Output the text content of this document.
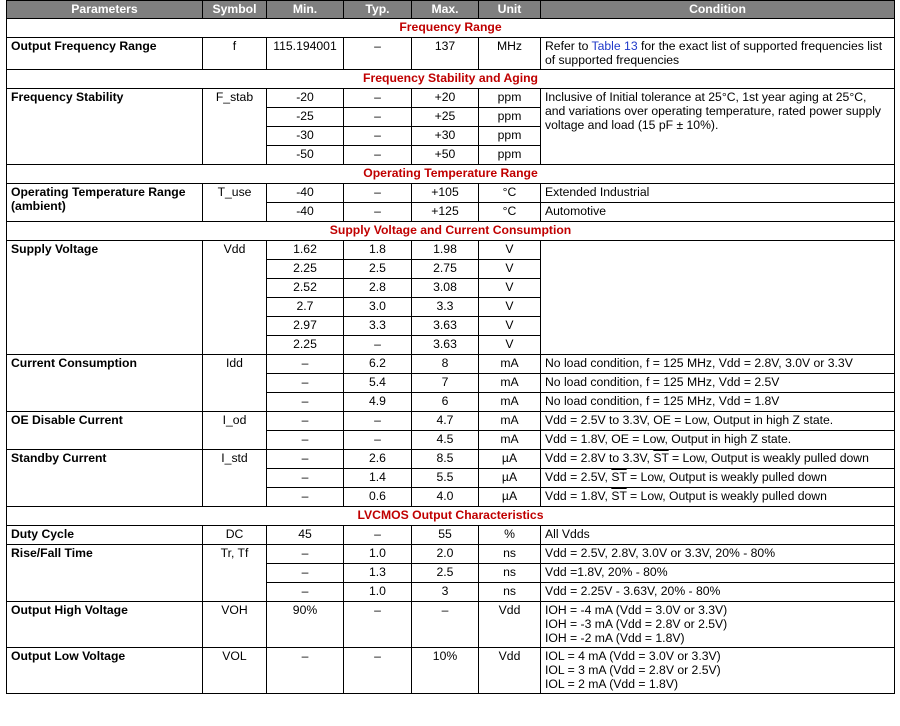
Parameters	Symbol	Min.	Typ.	Max.	Unit	Condition
Frequency Range						
Output Frequency Range	f	115.194001	–	137	MHz	Refer to Table 13 for the exact list of supported frequencies list of supported frequencies
Frequency Stability and Aging						
Frequency Stability	F_stab	-20	–	+20	ppm	Inclusive of Initial tolerance at 25°C, 1st year aging at 25°C, and variations over operating temperature, rated power supply voltage and load (15 pF ± 10%).
		-25	–	+25	ppm	
		-30	–	+30	ppm	
		-50	–	+50	ppm	
Operating Temperature Range						
Operating Temperature Range (ambient)	T_use	-40	–	+105	°C	Extended Industrial
		-40	–	+125	°C	Automotive
Supply Voltage and Current Consumption						
Supply Voltage	Vdd	1.62	1.8	1.98	V	
		2.25	2.5	2.75	V	
		2.52	2.8	3.08	V	
		2.7	3.0	3.3	V	
		2.97	3.3	3.63	V	
		2.25	–	3.63	V	
Current Consumption	Idd	–	6.2	8	mA	No load condition, f = 125 MHz, Vdd = 2.8V, 3.0V or 3.3V
		–	5.4	7	mA	No load condition, f = 125 MHz, Vdd = 2.5V
		–	4.9	6	mA	No load condition, f = 125 MHz, Vdd = 1.8V
OE Disable Current	I_od	–	–	4.7	mA	Vdd = 2.5V to 3.3V, OE = Low, Output in high Z state.
		–	–	4.5	mA	Vdd = 1.8V, OE = Low, Output in high Z state.
Standby Current	I_std	–	2.6	8.5	µA	Vdd = 2.8V to 3.3V, $\overline{ST}$ = Low, Output is weakly pulled down
		–	1.4	5.5	µA	Vdd = 2.5V, $\overline{ST}$ = Low, Output is weakly pulled down
		–	0.6	4.0	µA	Vdd = 1.8V, $\overline{ST}$ = Low, Output is weakly pulled down
LVCMOS Output Characteristics						
Duty Cycle	DC	45	–	55	%	All Vdds
Rise/Fall Time	Tr, Tf	–	1.0	2.0	ns	Vdd = 2.5V, 2.8V, 3.0V or 3.3V, 20% - 80%
		–	1.3	2.5	ns	Vdd =1.8V, 20% - 80%
		–	1.0	3	ns	Vdd = 2.25V - 3.63V, 20% - 80%
Output High Voltage	VOH	90%	–	–	Vdd	IOH = -4 mA (Vdd = 3.0V or 3.3V)
IOH = -3 mA (Vdd = 2.8V or 2.5V)
IOH = -2 mA (Vdd = 1.8V)

Output Low Voltage	VOL	–	–	10%	Vdd	IOL = 4 mA (Vdd = 3.0V or 3.3V)
IOL = 3 mA (Vdd = 2.8V or 2.5V)
IOL = 2 mA (Vdd = 1.8V)
